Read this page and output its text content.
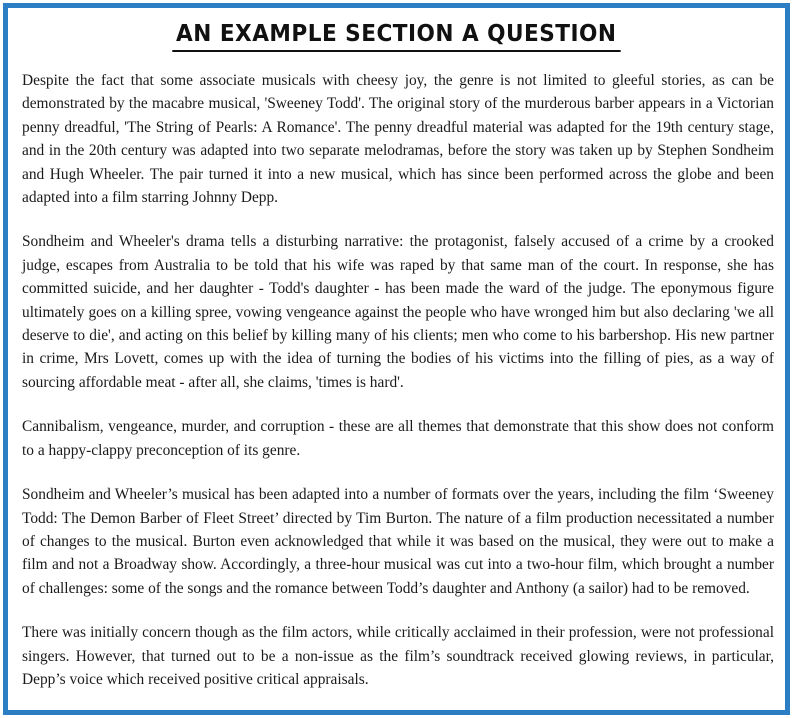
AN EXAMPLE SECTION A QUESTION

Despite the fact that some associate musicals with cheesy joy, the genre is not limited to gleeful stories, as can be demonstrated by the macabre musical, 'Sweeney Todd'. The original story of the murderous barber appears in a Victorian penny dreadful, 'The String of Pearls: A Romance'. The penny dreadful material was adapted for the 19th century stage, and in the 20th century was adapted into two separate melodramas, before the story was taken up by Stephen Sondheim and Hugh Wheeler. The pair turned it into a new musical, which has since been performed across the globe and been adapted into a film starring Johnny Depp.

Sondheim and Wheeler's drama tells a disturbing narrative: the protagonist, falsely accused of a crime by a crooked judge, escapes from Australia to be told that his wife was raped by that same man of the court. In response, she has committed suicide, and her daughter - Todd's daughter - has been made the ward of the judge. The eponymous figure ultimately goes on a killing spree, vowing vengeance against the people who have wronged him but also declaring 'we all deserve to die', and acting on this belief by killing many of his clients; men who come to his barbershop. His new partner in crime, Mrs Lovett, comes up with the idea of turning the bodies of his victims into the filling of pies, as a way of sourcing affordable meat - after all, she claims, 'times is hard'.

Cannibalism, vengeance, murder, and corruption - these are all themes that demonstrate that this show does not conform to a happy-clappy preconception of its genre.

Sondheim and Wheeler’s musical has been adapted into a number of formats over the years, including the film ‘Sweeney Todd: The Demon Barber of Fleet Street’ directed by Tim Burton. The nature of a film production necessitated a number of changes to the musical. Burton even acknowledged that while it was based on the musical, they were out to make a film and not a Broadway show. Accordingly, a three-hour musical was cut into a two-hour film, which brought a number of challenges: some of the songs and the romance between Todd’s daughter and Anthony (a sailor) had to be removed.

There was initially concern though as the film actors, while critically acclaimed in their profession, were not professional singers. However, that turned out to be a non-issue as the film’s soundtrack received glowing reviews, in particular, Depp’s voice which received positive critical appraisals.
